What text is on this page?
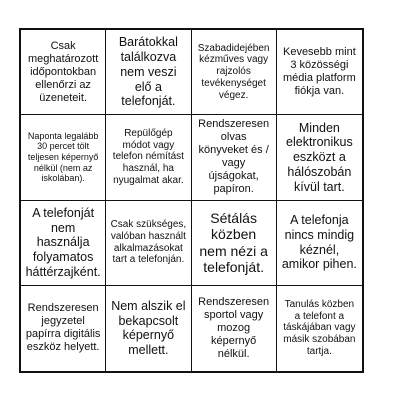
Csak meghatározott időpontokban ellenőrzi az üzeneteit.
Barátokkal találkozva nem veszi elő a telefonját.
Szabadidejében kézműves vagy rajzolós tevékenységet végez.
Kevesebb mint 3 közösségi média platform fiókja van.
Naponta legalább 30 percet tölt teljesen képernyő nélkül (nem az iskolában).
Repülőgép módot vagy telefon némítást használ, ha nyugalmat akar.
Rendszeresen olvas könyveket és / vagy újságokat, papíron.
Minden elektronikus eszközt a hálószobán kívül tart.
A telefonját nem használja folyamatos háttérzajként.
Csak szükséges, valóban használt alkalmazásokat tart a telefonján.
Sétálás közben nem nézi a telefonját.
A telefonja nincs mindig kéznél, amikor pihen.
Rendszeresen jegyzetel papírra digitális eszköz helyett.
Nem alszik el bekapcsolt képernyő mellett.
Rendszeresen sportol vagy mozog képernyő nélkül.
Tanulás közben a telefont a táskájában vagy másik szobában tartja.
